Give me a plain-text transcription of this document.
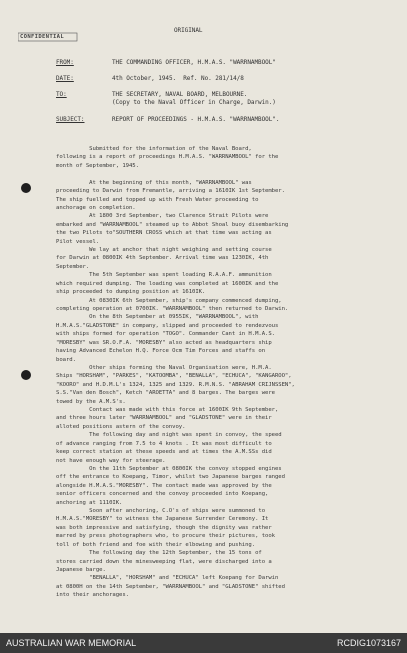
ORIGINAL
CONFIDENTIAL
FROM:	THE COMMANDING OFFICER, H.M.A.S. "WARRNAMBOOL"
DATE:	4th October, 1945.  Ref. No. 281/14/8
TO:	THE SECRETARY, NAVAL BOARD, MELBOURNE.
(Copy to the Naval Officer in Charge, Darwin.)
SUBJECT:	REPORT OF PROCEEDINGS - H.M.A.S. "WARRNAMBOOL".
Submitted for the information of the Naval Board,
following is a report of proceedings H.M.A.S. "WARRNAMBOOL" for the
month of September, 1945.
At the beginning of this month, "WARRNAMBOOL" was
proceeding to Darwin from Fremantle, arriving a 1610IK 1st September.
The ship fuelled and topped up with Fresh Water proceeding to
anchorage on completion.
At 1800 3rd September, two Clarence Strait Pilots were
embarked and "WARRNAMBOOL" steamed up to Abbot Shoal buoy disembarking
the two Pilots to"SOUTHERN CROSS which at that time was acting as
Pilot vessel.
We lay at anchor that night weighing and setting course
for Darwin at 0800IK 4th September. Arrival time was 1230IK, 4th
September.
The 5th September was spent loading R.A.A.F. ammunition
which required dumping. The loading was completed at 1600IK and the
ship proceeded to dumping position at 1610IK.
At 0830IK 6th September, ship's company commenced dumping,
completing operation at 0700IK. "WARRNAMBOOL" then returned to Darwin.
On the 8th September at 0955IK, "WARRNAMBOOL", with
H.M.A.S."GLADSTONE" in company, slipped and proceeded to rendezvous
with ships formed for operation "TOGO". Commander Cant in H.M.A.S.
"MORESBY" was SR.O.F.A. "MORESBY" also acted as headquarters ship
having Advanced Echelon H.Q. Force Ocm Tim Forces and staffs on
board.
Other ships forming the Naval Organisation were, H.M.A.
Ships "HORSHAM", "PARKES", "KATOOMBA", "BENALLA", "ECHUCA", "KANGAROO",
"KOORO" and H.D.M.L's 1324, 1325 and 1329. R.M.N.S. "ABRAHAM CRIJNSSEN",
S.S."Van den Bosch", Ketch "AROETTA" and 8 barges. The barges were
towed by the A.M.S's.
Contact was made with this force at 1600IK 9th September,
and three hours later "WARRNAMBOOL" and "GLADSTONE" were in their
alloted positions astern of the convoy.
The following day and night was spent in convoy, the speed
of advance ranging from 7.5 to 4 knots . It was most difficult to
keep correct station at these speeds and at times the A.M.SSs did
not have enough way for steerage.
On the 11th September at 0800IK the convoy stopped engines
off the entrance to Koepang, Timor, whilst two Japanese barges ranged
alongside H.M.A.S."MORESBY". The contact made was approved by the
senior officers concerned and the convoy proceeded into Koepang,
anchoring at 1110IK.
Soon after anchoring, C.O's of ships were summoned to
H.M.A.S."MORESBY" to witness the Japanese Surrender Ceremony. It
was both impressive and satisfying, though the dignity was rather
marred by press photographers who, to procure their pictures, took
toll of both friend and foe with their elbowing and pushing.
The following day the 12th September, the 15 tons of
stores carried down the minesweeping flat, were discharged into a
Japanese barge.
"BENALLA", "HORSHAM" and "ECHUCA" left Koepang for Darwin
at 0800H on the 14th September, "WARRNAMBOOL" and "GLADSTONE" shifted
into their anchorages.
AUSTRALIAN WAR MEMORIAL	RCDIG1073167
